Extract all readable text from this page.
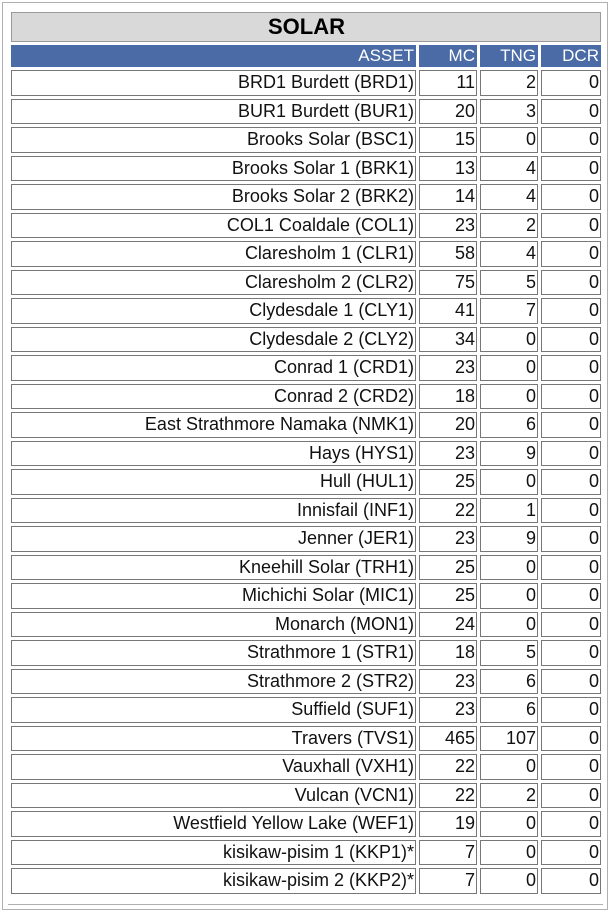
SOLAR			
ASSET	MC	TNG	DCR
BRD1 Burdett (BRD1)	11	2	0
BUR1 Burdett (BUR1)	20	3	0
Brooks Solar (BSC1)	15	0	0
Brooks Solar 1 (BRK1)	13	4	0
Brooks Solar 2 (BRK2)	14	4	0
COL1 Coaldale (COL1)	23	2	0
Claresholm 1 (CLR1)	58	4	0
Claresholm 2 (CLR2)	75	5	0
Clydesdale 1 (CLY1)	41	7	0
Clydesdale 2 (CLY2)	34	0	0
Conrad 1 (CRD1)	23	0	0
Conrad 2 (CRD2)	18	0	0
East Strathmore Namaka (NMK1)	20	6	0
Hays (HYS1)	23	9	0
Hull (HUL1)	25	0	0
Innisfail (INF1)	22	1	0
Jenner (JER1)	23	9	0
Kneehill Solar (TRH1)	25	0	0
Michichi Solar (MIC1)	25	0	0
Monarch (MON1)	24	0	0
Strathmore 1 (STR1)	18	5	0
Strathmore 2 (STR2)	23	6	0
Suffield (SUF1)	23	6	0
Travers (TVS1)	465	107	0
Vauxhall (VXH1)	22	0	0
Vulcan (VCN1)	22	2	0
Westfield Yellow Lake (WEF1)	19	0	0
kisikaw-pisim 1 (KKP1)*	7	0	0
kisikaw-pisim 2 (KKP2)*	7	0	0
